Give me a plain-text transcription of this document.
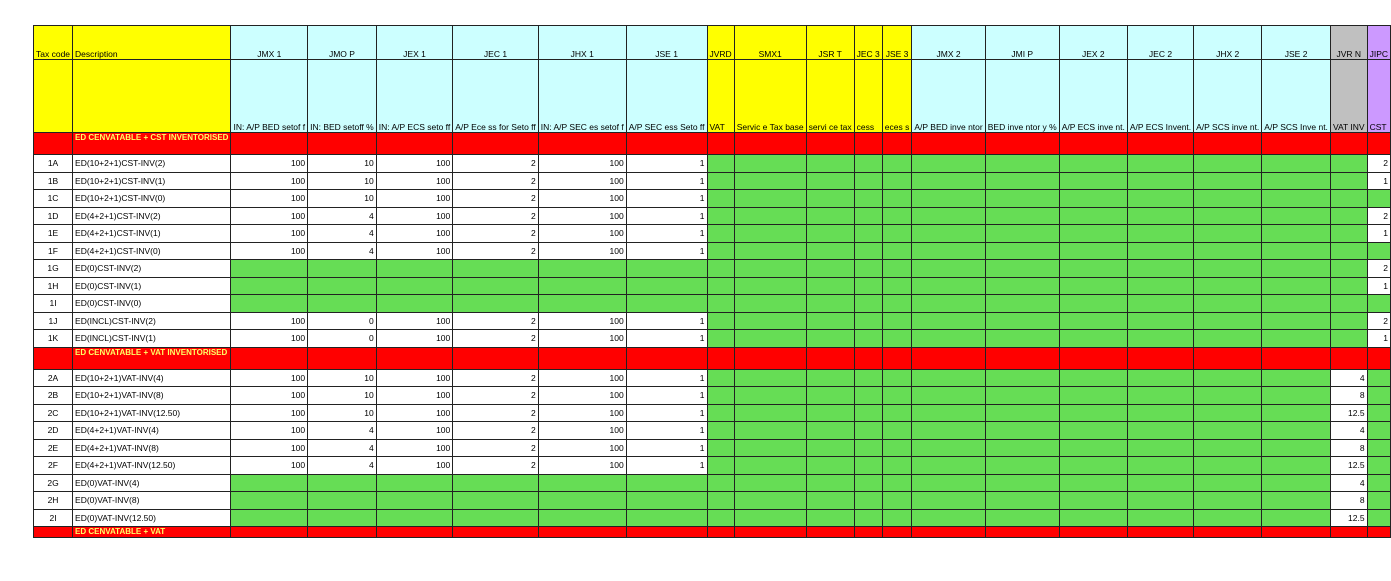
Tax code	Description	JMX 1	JMO P	JEX 1	JEC 1	JHX 1	JSE 1	JVRD	SMX1	JSR T	JEC 3	JSE 3	JMX 2	JMI P	JEX 2	JEC 2	JHX 2	JSE 2	JVR N	JIPC
		IN: A/P BED setof f	IN: BED setoff %	IN: A/P ECS seto ff	A/P Ece ss for Seto ff	IN: A/P SEC es setof f	A/P SEC ess Seto ff	VAT	Servic e Tax base	servi ce tax	cess	eces s	A/P BED inve ntor	BED inve ntor y %	A/P ECS inve nt.	A/P ECS Invent.	A/P SCS inve nt.	A/P SCS Inve nt.	VAT INV	CST
	ED CENVATABLE + CST INVENTORISED																			
1A	ED(10+2+1)CST-INV(2)	100	10	100	2	100	1													2
1B	ED(10+2+1)CST-INV(1)	100	10	100	2	100	1													1
1C	ED(10+2+1)CST-INV(0)	100	10	100	2	100	1													
1D	ED(4+2+1)CST-INV(2)	100	4	100	2	100	1													2
1E	ED(4+2+1)CST-INV(1)	100	4	100	2	100	1													1
1F	ED(4+2+1)CST-INV(0)	100	4	100	2	100	1													
1G	ED(0)CST-INV(2)																			2
1H	ED(0)CST-INV(1)																			1
1I	ED(0)CST-INV(0)																			
1J	ED(INCL)CST-INV(2)	100	0	100	2	100	1													2
1K	ED(INCL)CST-INV(1)	100	0	100	2	100	1													1
	ED CENVATABLE + VAT INVENTORISED																			
2A	ED(10+2+1)VAT-INV(4)	100	10	100	2	100	1												4	
2B	ED(10+2+1)VAT-INV(8)	100	10	100	2	100	1												8	
2C	ED(10+2+1)VAT-INV(12.50)	100	10	100	2	100	1												12.5	
2D	ED(4+2+1)VAT-INV(4)	100	4	100	2	100	1												4	
2E	ED(4+2+1)VAT-INV(8)	100	4	100	2	100	1												8	
2F	ED(4+2+1)VAT-INV(12.50)	100	4	100	2	100	1												12.5	
2G	ED(0)VAT-INV(4)																		4	
2H	ED(0)VAT-INV(8)																		8	
2I	ED(0)VAT-INV(12.50)																		12.5	
	ED CENVATABLE + VAT																			
